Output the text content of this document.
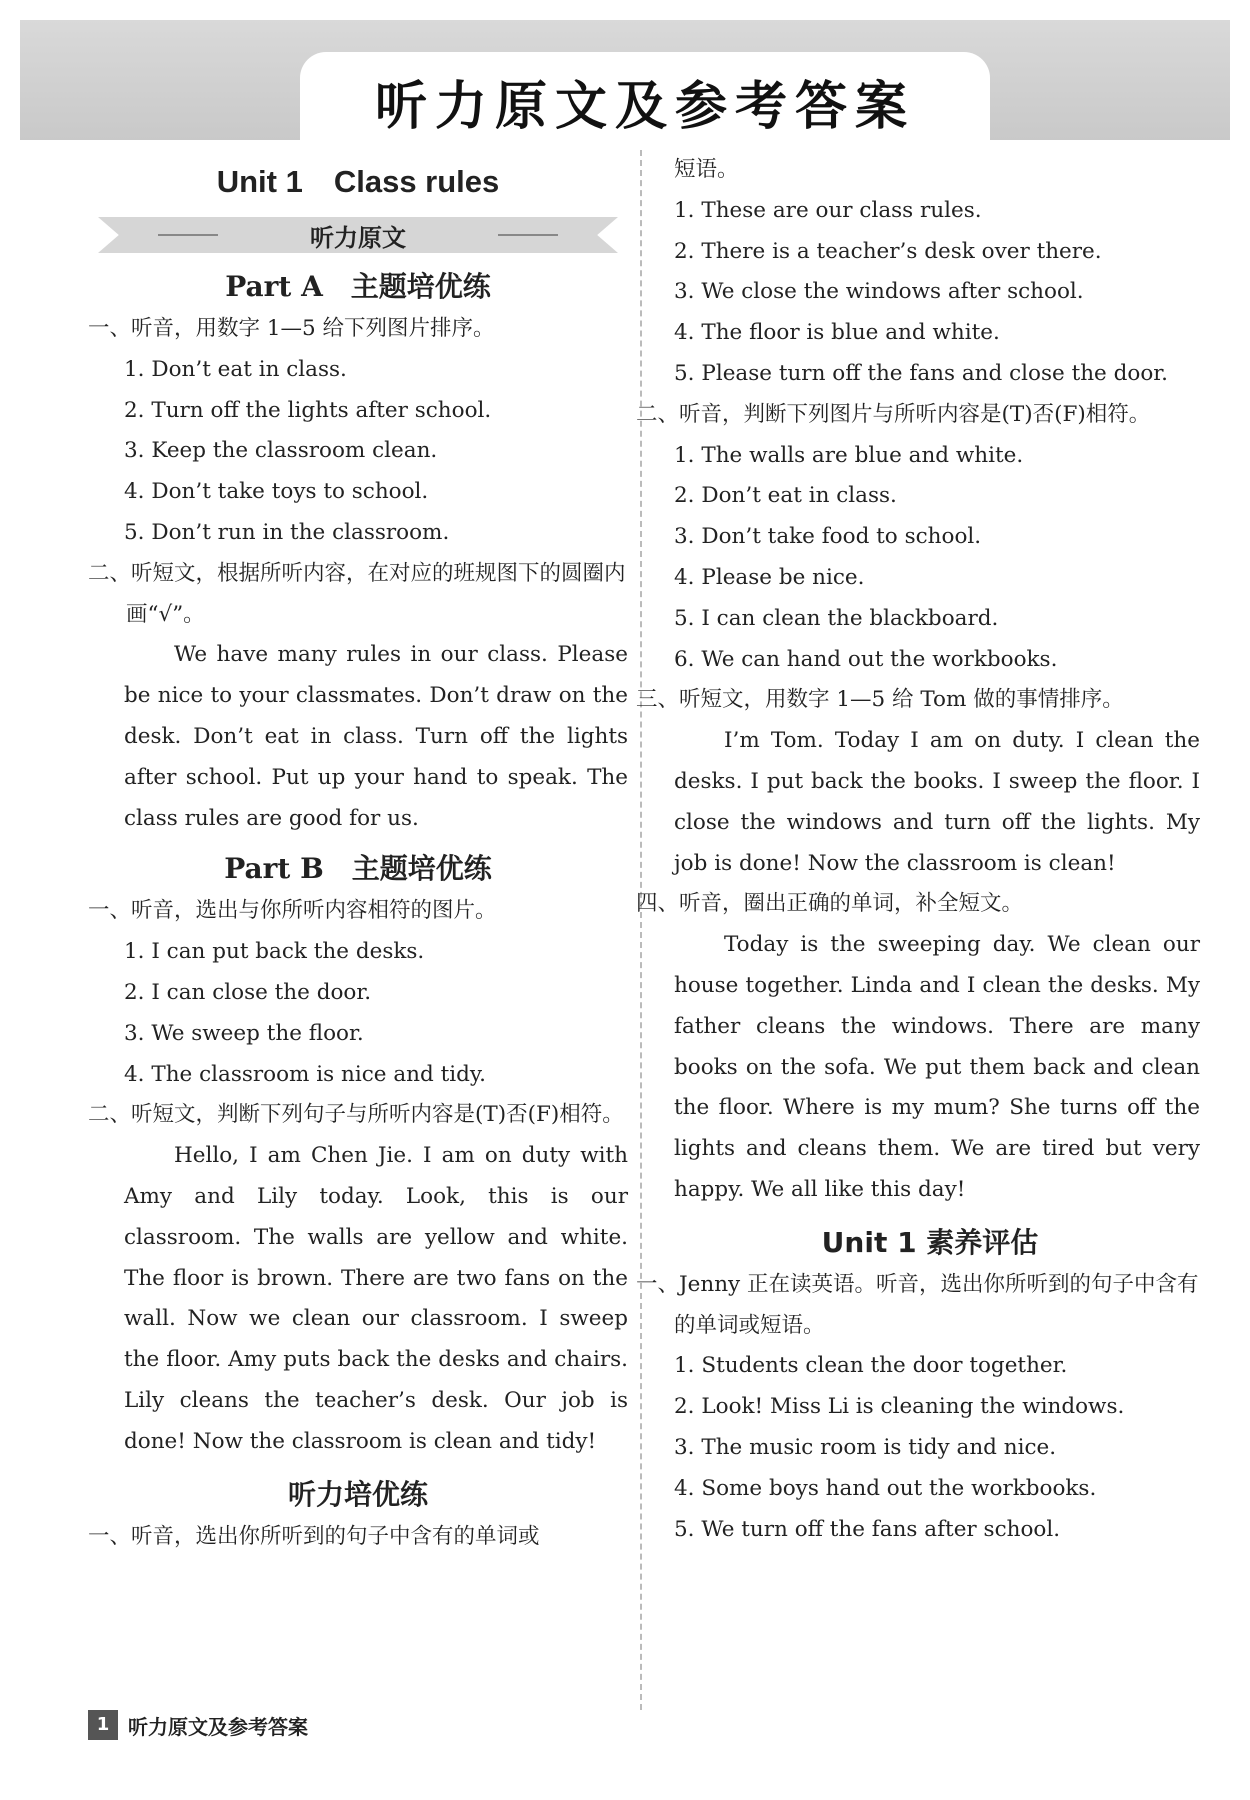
听力原文及参考答案
Unit 1　Class rules
听力原文
Part A　主题培优练

一、听音，用数字 1—5 给下列图片排序。

1. Don’t eat in class.

2. Turn off the lights after school.

3. Keep the classroom clean.

4. Don’t take toys to school.

5. Don’t run in the classroom.

二、听短文，根据所听内容，在对应的班规图下的圆圈内画“√”。

We have many rules in our class. Please be nice to your classmates. Don’t draw on the desk. Don’t eat in class. Turn off the lights after school. Put up your hand to speak. The class rules are good for us.

Part B　主题培优练

一、听音，选出与你所听内容相符的图片。

1. I can put back the desks.

2. I can close the door.

3. We sweep the floor.

4. The classroom is nice and tidy.

二、听短文，判断下列句子与所听内容是(T)否(F)相符。

Hello, I am Chen Jie. I am on duty with Amy and Lily today. Look, this is our classroom. The walls are yellow and white. The floor is brown. There are two fans on the wall. Now we clean our classroom. I sweep the floor. Amy puts back the desks and chairs. Lily cleans the teacher’s desk. Our job is done! Now the classroom is clean and tidy!

听力培优练

一、听音，选出你所听到的句子中含有的单词或

短语。

1. These are our class rules.

2. There is a teacher’s desk over there.

3. We close the windows after school.

4. The floor is blue and white.

5. Please turn off the fans and close the door.

二、听音，判断下列图片与所听内容是(T)否(F)相符。

1. The walls are blue and white.

2. Don’t eat in class.

3. Don’t take food to school.

4. Please be nice.

5. I can clean the blackboard.

6. We can hand out the workbooks.

三、听短文，用数字 1—5 给 Tom 做的事情排序。

I’m Tom. Today I am on duty. I clean the desks. I put back the books. I sweep the floor. I close the windows and turn off the lights. My job is done! Now the classroom is clean!

四、听音，圈出正确的单词，补全短文。

Today is the sweeping day. We clean our house together. Linda and I clean the desks. My father cleans the windows. There are many books on the sofa. We put them back and clean the floor. Where is my mum? She turns off the lights and cleans them. We are tired but very happy. We all like this day!

Unit 1 素养评估

一、Jenny 正在读英语。听音，选出你所听到的句子中含有的单词或短语。

1. Students clean the door together.

2. Look! Miss Li is cleaning the windows.

3. The music room is tidy and nice.

4. Some boys hand out the workbooks.

5. We turn off the fans after school.

1 听力原文及参考答案
